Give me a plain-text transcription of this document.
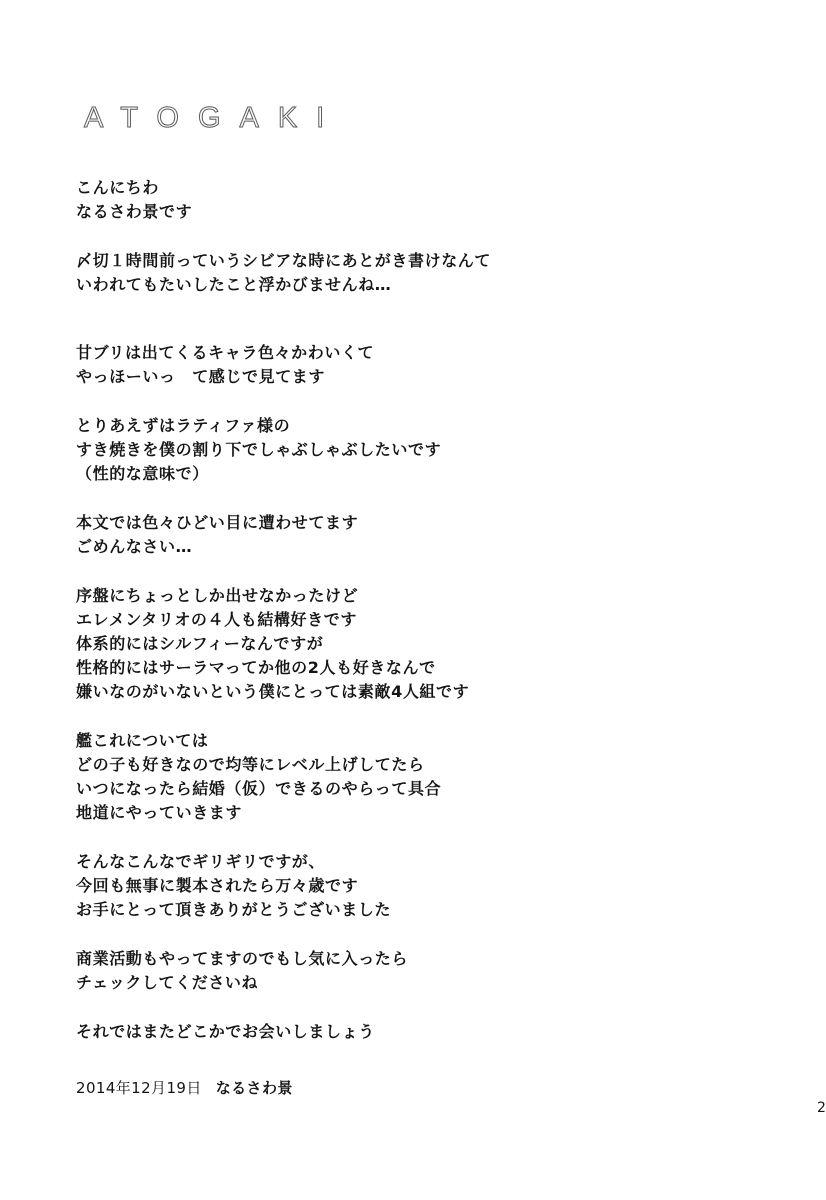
ATOGAKI
こんにちわ
なるさわ景です
〆切１時間前っていうシビアな時にあとがき書けなんて
いわれてもたいしたこと浮かびませんね…
甘ブリは出てくるキャラ色々かわいくて
やっほーいっ　て感じで見てます
とりあえずはラティファ様の
すき焼きを僕の割り下でしゃぶしゃぶしたいです
（性的な意味で）
本文では色々ひどい目に遭わせてます
ごめんなさい…
序盤にちょっとしか出せなかったけど
エレメンタリオの４人も結構好きです
体系的にはシルフィーなんですが
性格的にはサーラマってか他の2人も好きなんで
嫌いなのがいないという僕にとっては素敵4人組です
艦これについては
どの子も好きなので均等にレベル上げしてたら
いつになったら結婚（仮）できるのやらって具合
地道にやっていきます
そんなこんなでギリギリですが、
今回も無事に製本されたら万々歳です
お手にとって頂きありがとうございました
商業活動もやってますのでもし気に入ったら
チェックしてくださいね
それではまたどこかでお会いしましょう
2014年12月19日 なるさわ景
2
